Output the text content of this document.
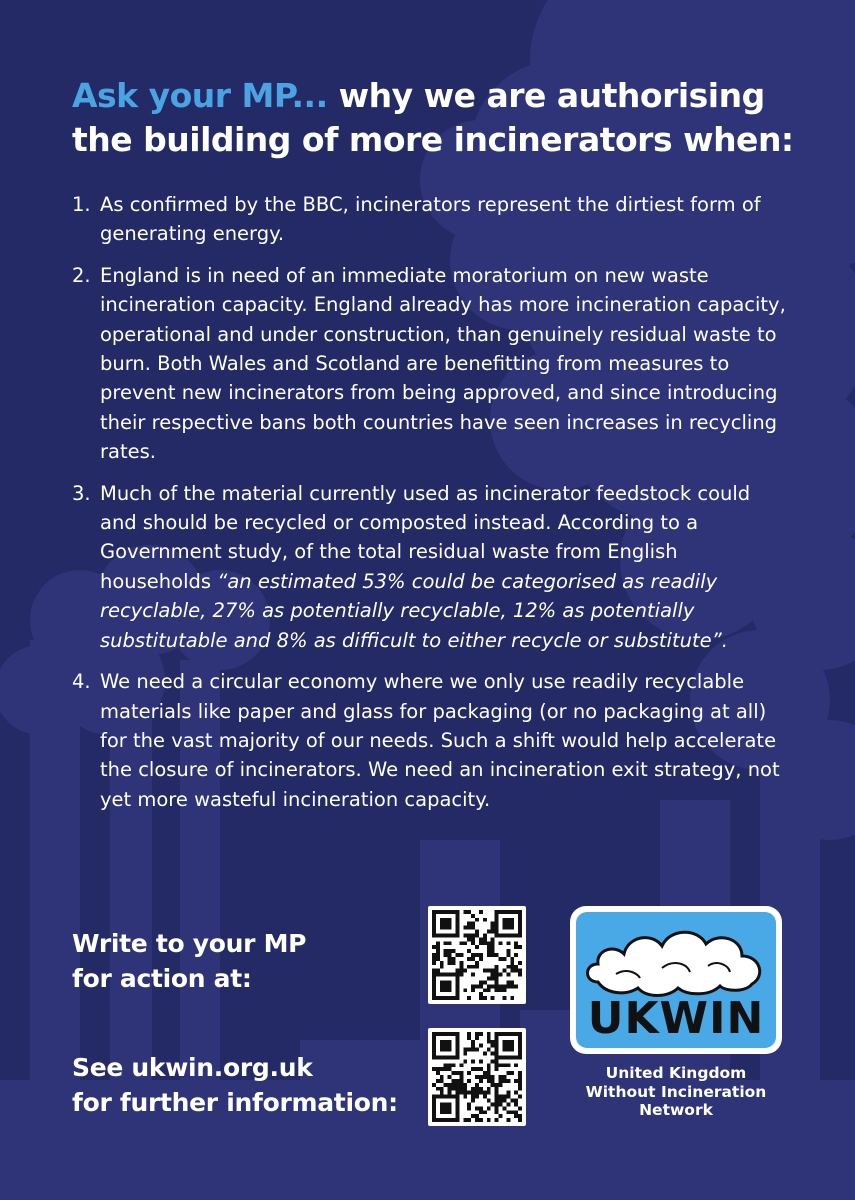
Ask your MP... why we are authorising the building of more incinerators when:
1. As confirmed by the BBC, incinerators represent the dirtiest form of generating energy.
2. England is in need of an immediate moratorium on new waste incineration capacity. England already has more incineration capacity, operational and under construction, than genuinely residual waste to burn. Both Wales and Scotland are benefitting from measures to prevent new incinerators from being approved, and since introducing their respective bans both countries have seen increases in recycling rates.
3. Much of the material currently used as incinerator feedstock could and should be recycled or composted instead. According to a Government study, of the total residual waste from English households “an estimated 53% could be categorised as readily recyclable, 27% as potentially recyclable, 12% as potentially substitutable and 8% as difficult to either recycle or substitute”.
4. We need a circular economy where we only use readily recyclable materials like paper and glass for packaging (or no packaging at all) for the vast majority of our needs. Such a shift would help accelerate the closure of incinerators. We need an incineration exit strategy, not yet more wasteful incineration capacity.
Write to your MP
for action at:
See ukwin.org.uk
for further information:
UKWIN
United Kingdom
Without Incineration
Network
